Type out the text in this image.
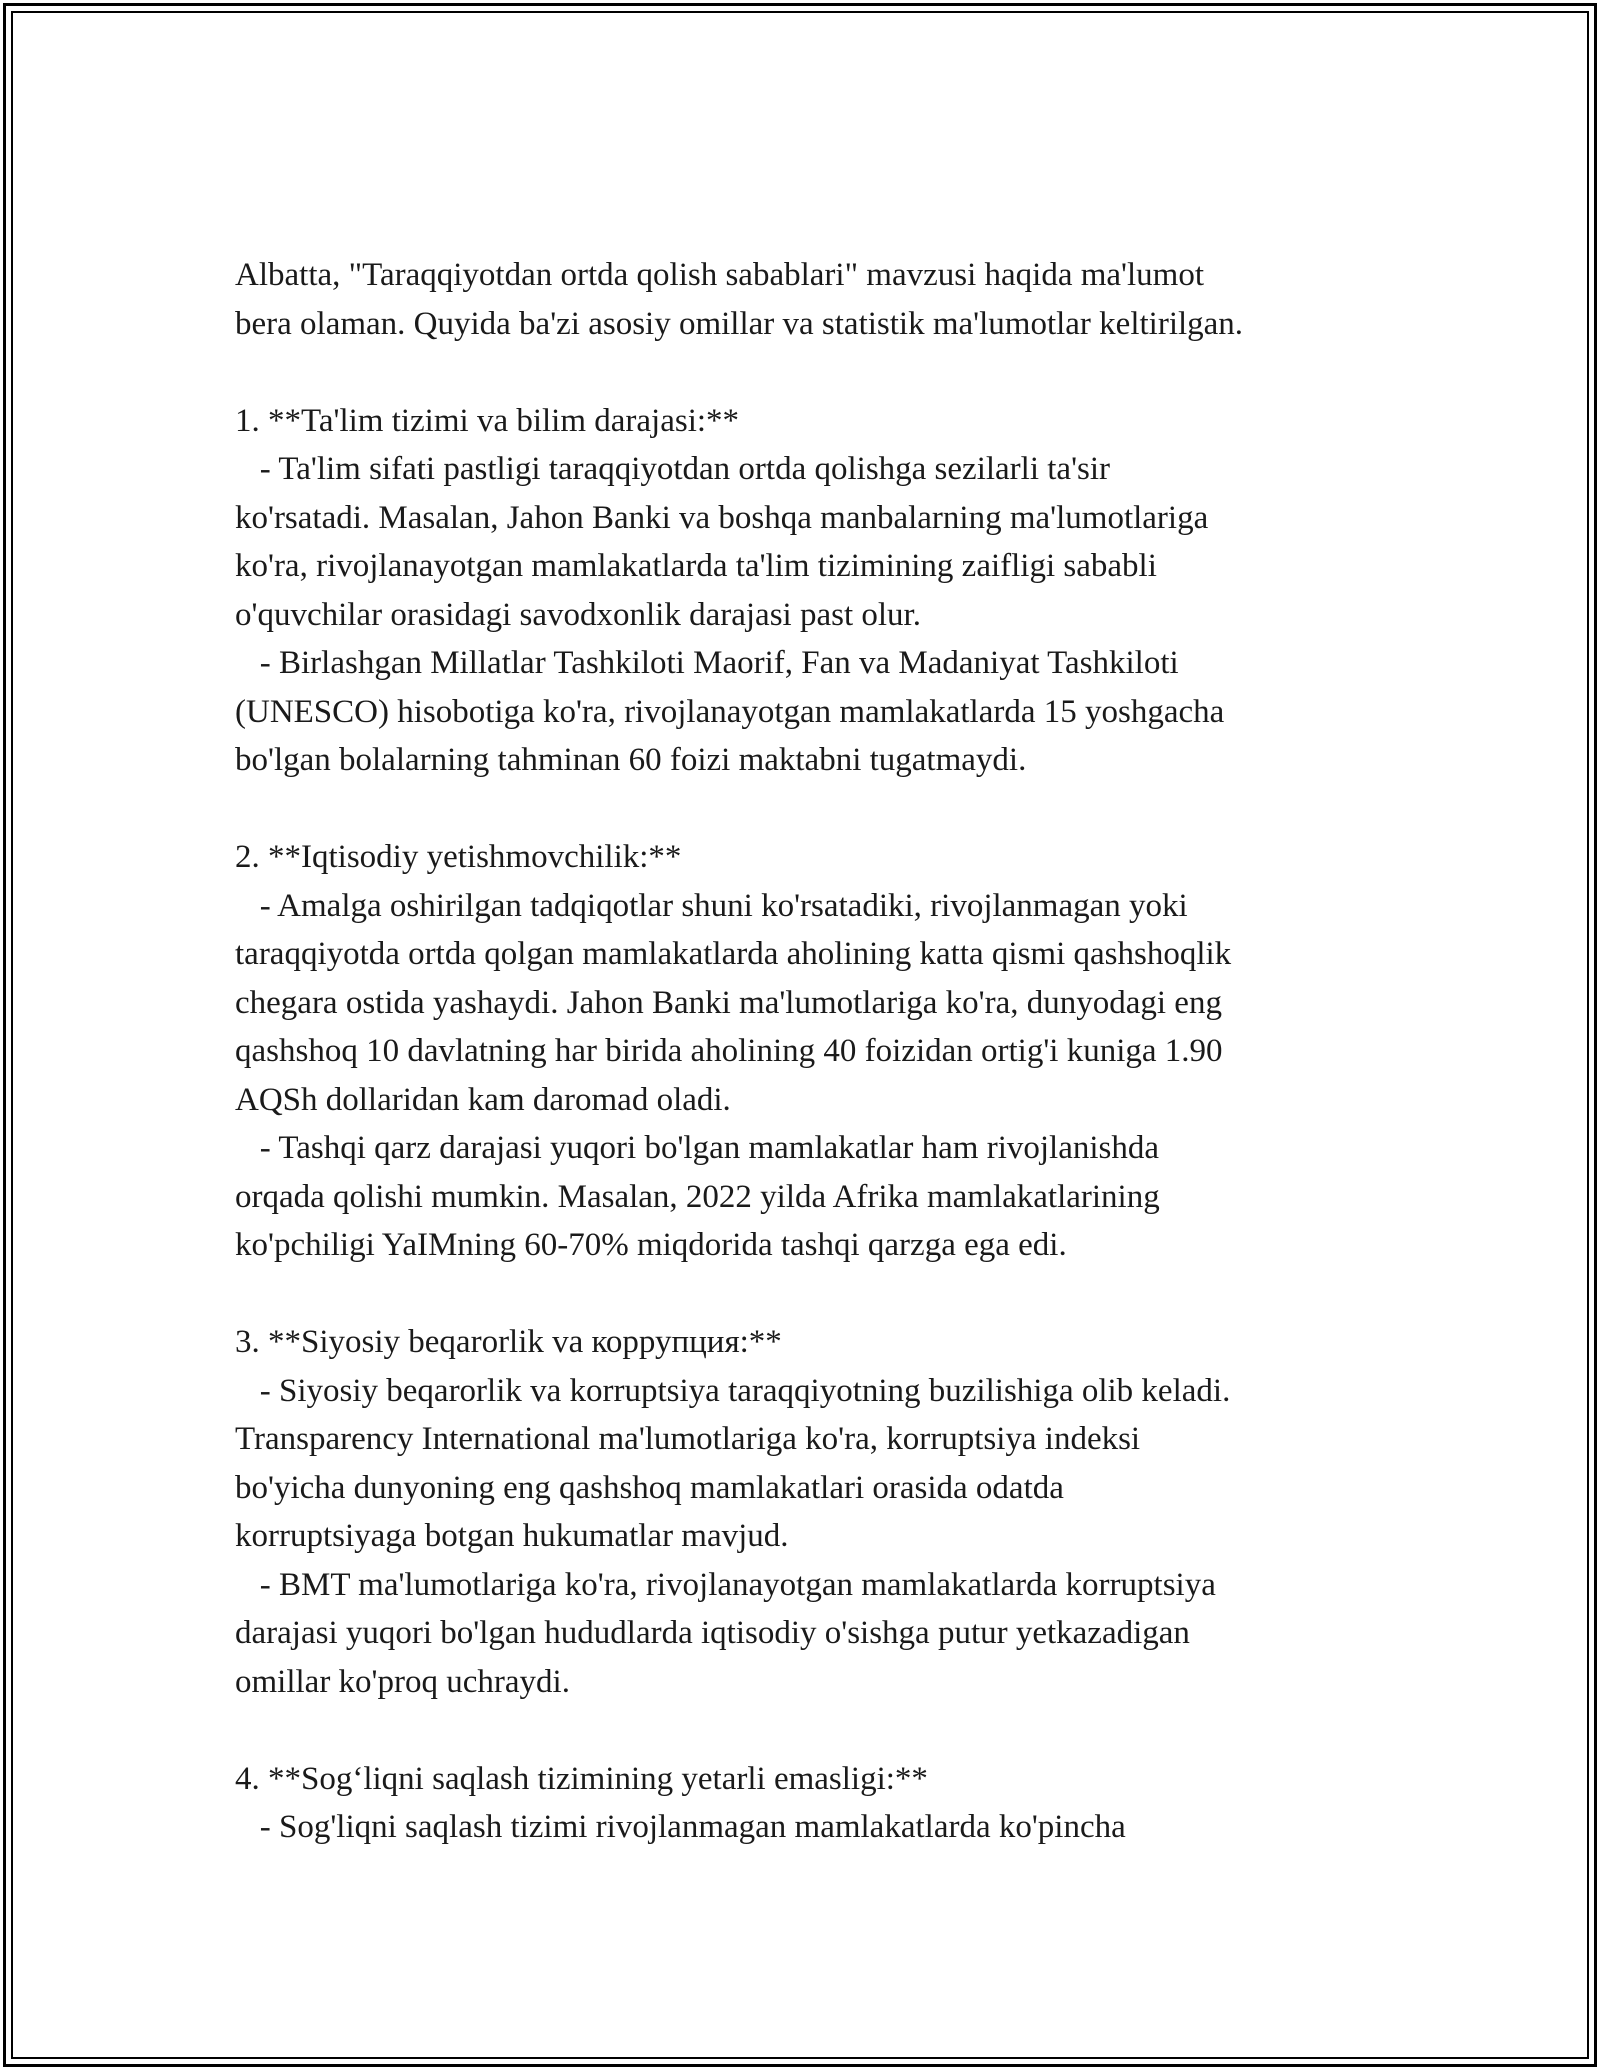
Albatta, "Taraqqiyotdan ortda qolish sabablari" mavzusi haqida ma'lumot
bera olaman. Quyida ba'zi asosiy omillar va statistik ma'lumotlar keltirilgan.
1. **Ta'lim tizimi va bilim darajasi:**
- Ta'lim sifati pastligi taraqqiyotdan ortda qolishga sezilarli ta'sir
ko'rsatadi. Masalan, Jahon Banki va boshqa manbalarning ma'lumotlariga
ko'ra, rivojlanayotgan mamlakatlarda ta'lim tizimining zaifligi sababli
o'quvchilar orasidagi savodxonlik darajasi past olur.
- Birlashgan Millatlar Tashkiloti Maorif, Fan va Madaniyat Tashkiloti
(UNESCO) hisobotiga ko'ra, rivojlanayotgan mamlakatlarda 15 yoshgacha
bo'lgan bolalarning tahminan 60 foizi maktabni tugatmaydi.
2. **Iqtisodiy yetishmovchilik:**
- Amalga oshirilgan tadqiqotlar shuni ko'rsatadiki, rivojlanmagan yoki
taraqqiyotda ortda qolgan mamlakatlarda aholining katta qismi qashshoqlik
chegara ostida yashaydi. Jahon Banki ma'lumotlariga ko'ra, dunyodagi eng
qashshoq 10 davlatning har birida aholining 40 foizidan ortig'i kuniga 1.90
AQSh dollaridan kam daromad oladi.
- Tashqi qarz darajasi yuqori bo'lgan mamlakatlar ham rivojlanishda
orqada qolishi mumkin. Masalan, 2022 yilda Afrika mamlakatlarining
ko'pchiligi YaIMning 60-70% miqdorida tashqi qarzga ega edi.
3. **Siyosiy beqarorlik va коррупция:**
- Siyosiy beqarorlik va korruptsiya taraqqiyotning buzilishiga olib keladi.
Transparency International ma'lumotlariga ko'ra, korruptsiya indeksi
bo'yicha dunyoning eng qashshoq mamlakatlari orasida odatda
korruptsiyaga botgan hukumatlar mavjud.
- BMT ma'lumotlariga ko'ra, rivojlanayotgan mamlakatlarda korruptsiya
darajasi yuqori bo'lgan hududlarda iqtisodiy o'sishga putur yetkazadigan
omillar ko'proq uchraydi.
4. **Sog‘liqni saqlash tizimining yetarli emasligi:**
- Sog'liqni saqlash tizimi rivojlanmagan mamlakatlarda ko'pincha
